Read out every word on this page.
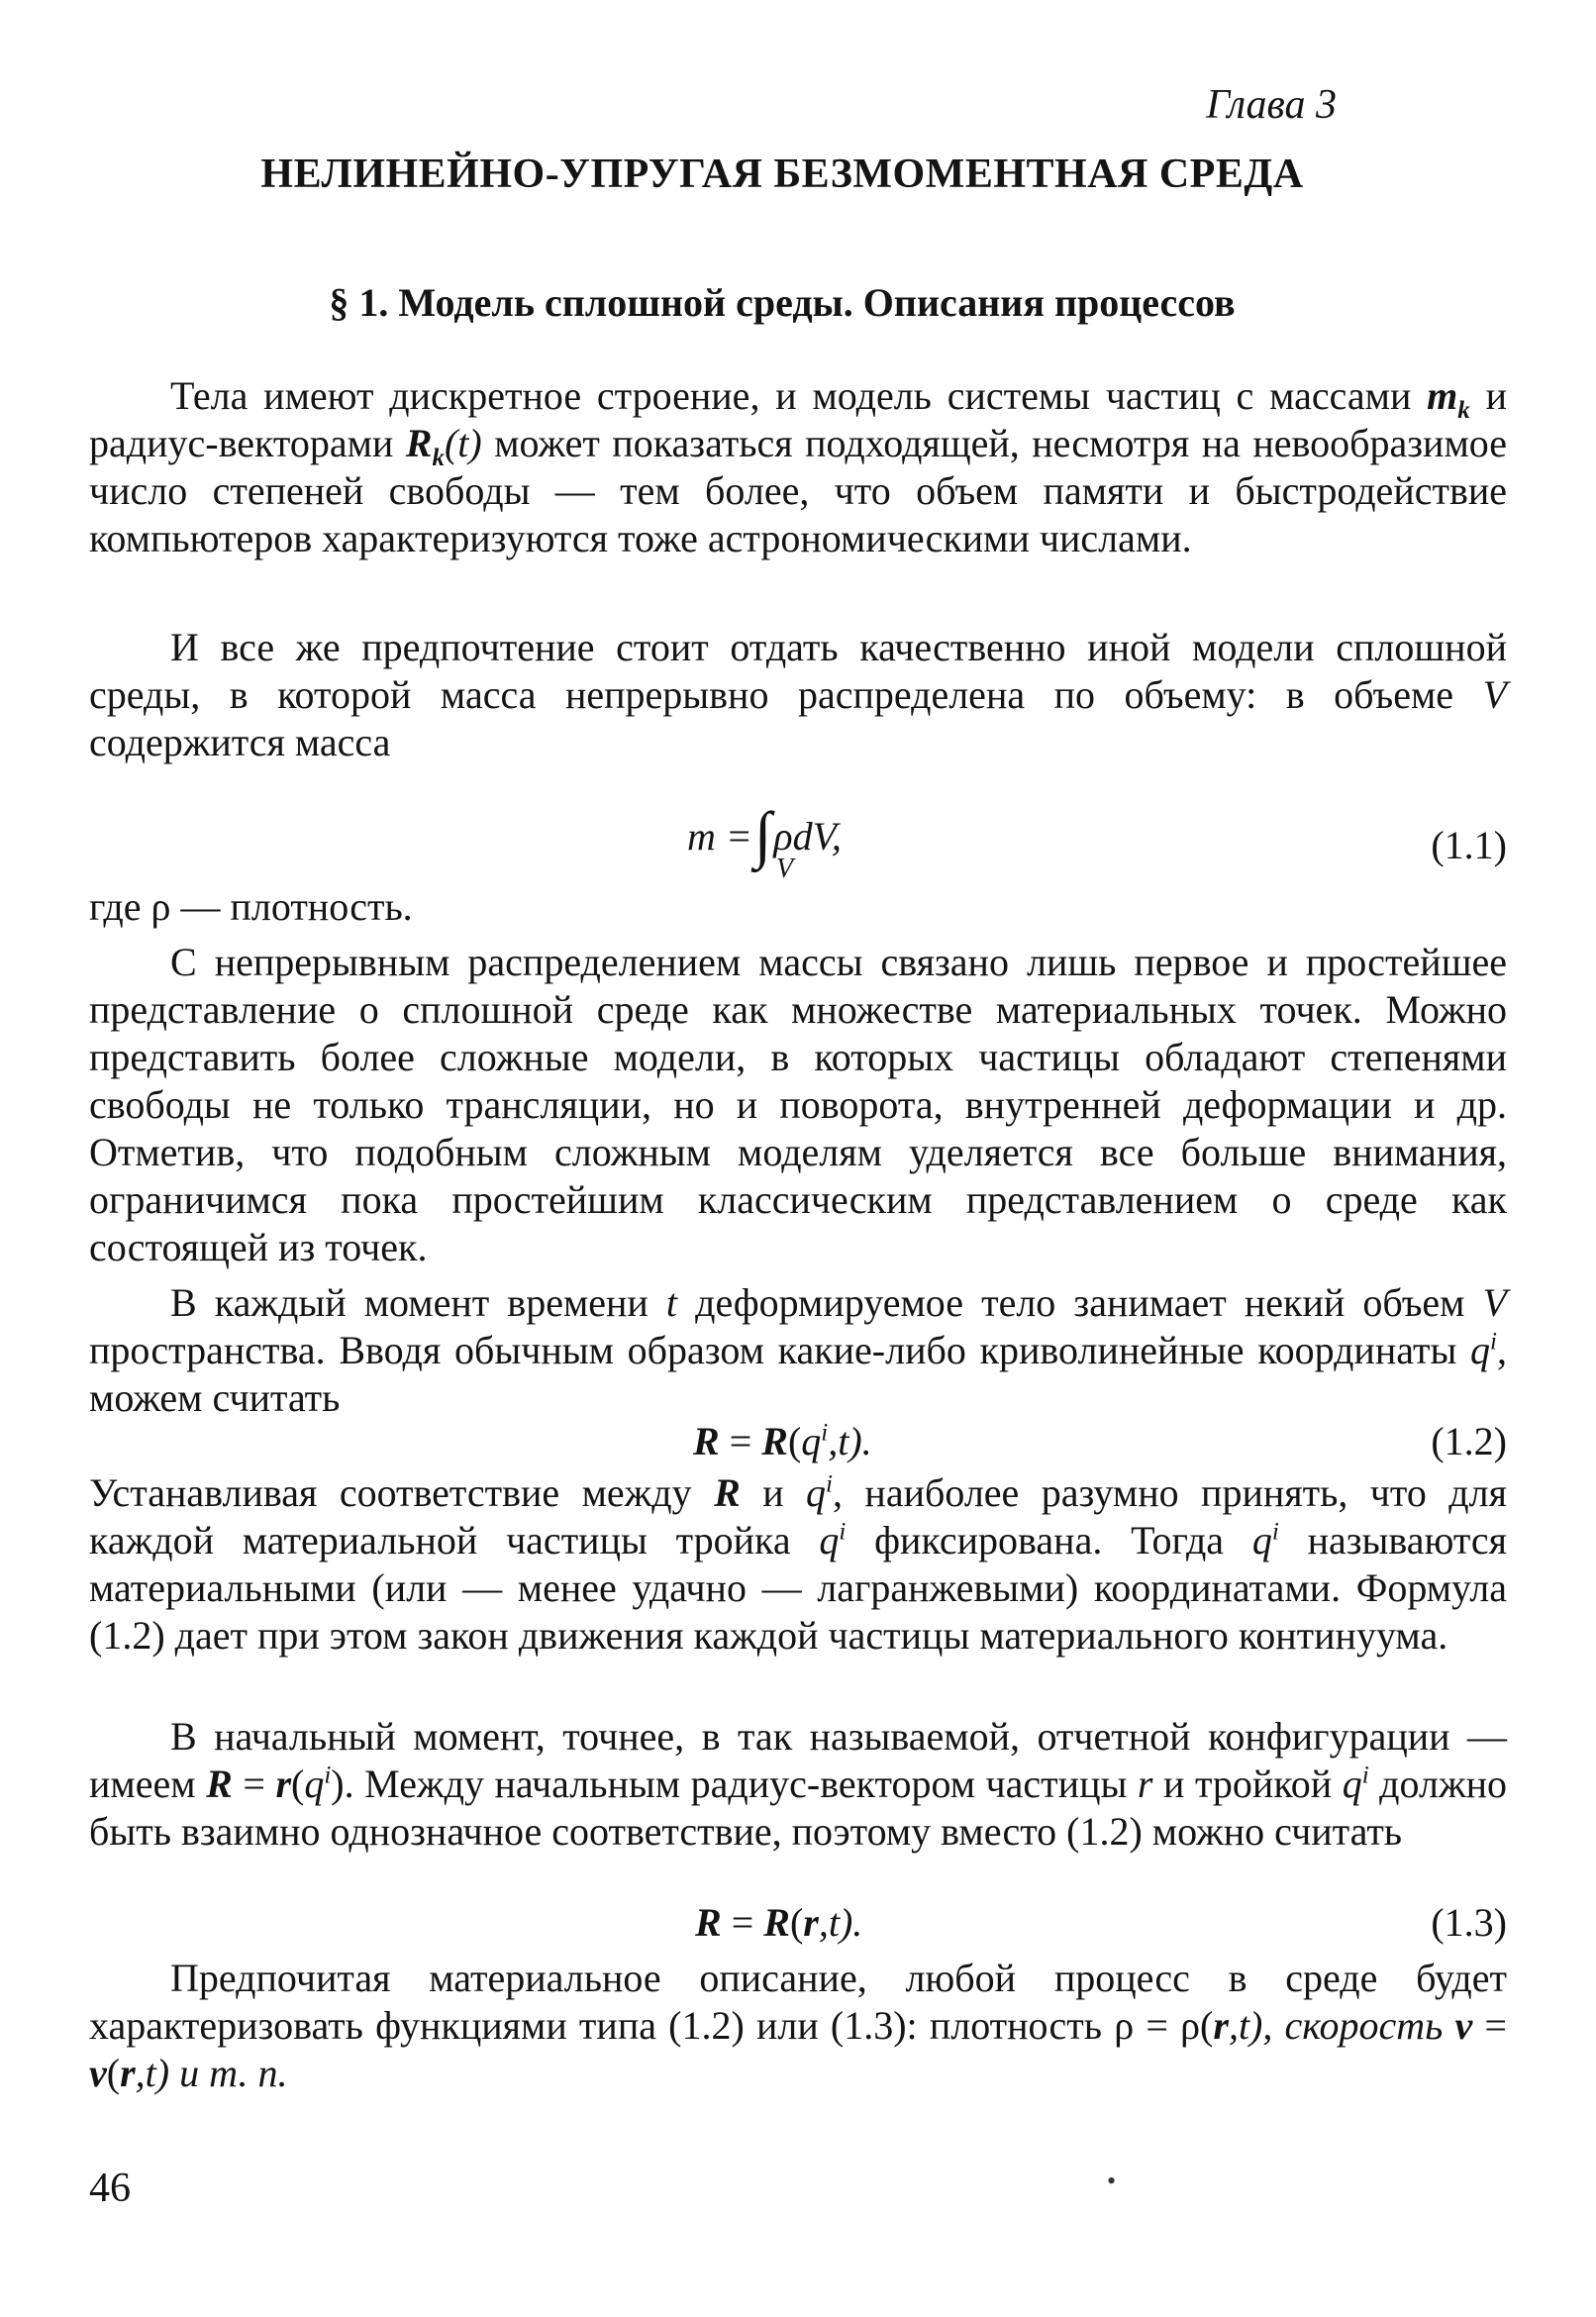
Глава 3
НЕЛИНЕЙНО-УПРУГАЯ БЕЗМОМЕНТНАЯ СРЕДА
§ 1. Модель сплошной среды. Описания процессов

Тела имеют дискретное строение, и модель системы частиц с массами $m_k$ и радиус-векторами $R_k(t)$ может показаться подходящей, несмотря на невообразимое число степеней свободы — тем более, что объем памяти и быстродействие компьютеров характеризуются тоже астрономическими числами.

И все же предпочтение стоит отдать качественно иной модели сплошной среды, в которой масса непрерывно распределена по объему: в объеме V содержится масса

m =∫ρdV,
V
(1.1)

где ρ — плотность.

С непрерывным распределением массы связано лишь первое и простейшее представление о сплошной среде как множестве материальных точек. Можно представить более сложные модели, в которых частицы обладают степенями свободы не только трансляции, но и поворота, внутренней деформации и др. Отметив, что подобным сложным моделям уделяется все больше внимания, ограничимся пока простейшим классическим представлением о среде как состоящей из точек.

В каждый момент времени t деформируемое тело занимает некий объем V пространства. Вводя обычным образом какие-либо криволинейные координаты $q^i$, можем считать

$R = R(q^i,t)$.	(1.2)

Устанавливая соответствие между R и $q^i$, наиболее разумно принять, что для каждой материальной частицы тройка $q^i$ фиксирована. Тогда $q^i$ называются материальными (или — менее удачно — лагранжевыми) координатами. Формула (1.2) дает при этом закон движения каждой частицы материального континуума.

В начальный момент, точнее, в так называемой, отчетной конфигурации — имеем $R = r(q^i)$. Между начальным радиус-вектором частицы r и тройкой $q^i$ должно быть взаимно однозначное соответствие, поэтому вместо (1.2) можно считать

R = R(r,t).	(1.3)

Предпочитая материальное описание, любой процесс в среде будет характеризовать функциями типа (1.2) или (1.3): плотность ρ = ρ(r,t), скорость v = v(r,t) и т. п.

46	•
